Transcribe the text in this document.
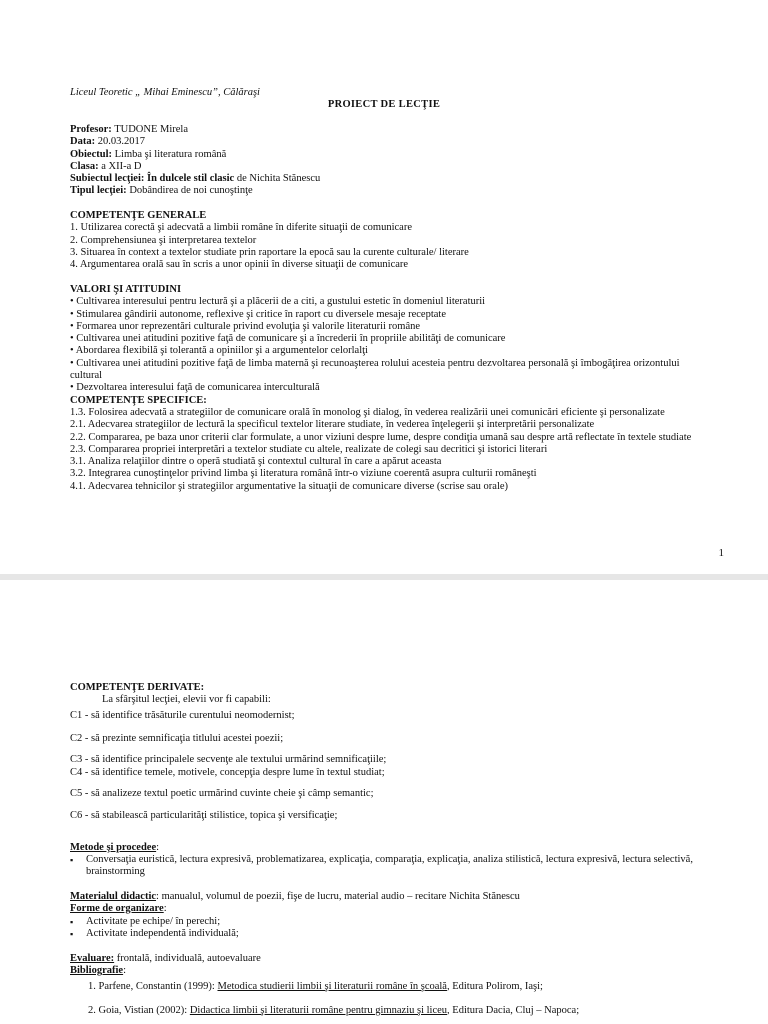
Liceul Teoretic „ Mihai Eminescu”, Călăraşi
PROIECT DE LECŢIE
Profesor: TUDONE Mirela
Data: 20.03.2017
Obiectul: Limba şi literatura română
Clasa: a XII-a D
Subiectul lecţiei: În dulcele stil clasic de Nichita Stănescu
Tipul lecţiei: Dobândirea de noi cunoştinţe
COMPETENŢE GENERALE
1. Utilizarea corectă şi adecvată a limbii române în diferite situaţii de comunicare
2. Comprehensiunea şi interpretarea textelor
3. Situarea în context a textelor studiate prin raportare la epocă sau la curente culturale/ literare
4. Argumentarea orală sau în scris a unor opinii în diverse situaţii de comunicare
VALORI ŞI ATITUDINI
• Cultivarea interesului pentru lectură şi a plăcerii de a citi, a gustului estetic în domeniul literaturii
• Stimularea gândirii autonome, reflexive şi critice în raport cu diversele mesaje receptate
• Formarea unor reprezentări culturale privind evoluţia şi valorile literaturii române
• Cultivarea unei atitudini pozitive faţă de comunicare şi a încrederii în propriile abilităţi de comunicare
• Abordarea flexibilă şi tolerantă a opiniilor şi a argumentelor celorlalţi
• Cultivarea unei atitudini pozitive faţă de limba maternă şi recunoaşterea rolului acesteia pentru dezvoltarea personală şi îmbogăţirea orizontului cultural
• Dezvoltarea interesului faţă de comunicarea interculturală
COMPETENŢE SPECIFICE:
1.3. Folosirea adecvată a strategiilor de comunicare orală în monolog şi dialog, în vederea realizării unei comunicări eficiente şi personalizate
2.1. Adecvarea strategiilor de lectură la specificul textelor literare studiate, în vederea înţelegerii şi interpretării personalizate
2.2. Compararea, pe baza unor criterii clar formulate, a unor viziuni despre lume, despre condiţia umană sau despre artă reflectate în textele studiate
2.3. Compararea propriei interpretări a textelor studiate cu altele, realizate de colegi sau decritici şi istorici literari
3.1. Analiza relaţiilor dintre o operă studiată şi contextul cultural în care a apărut aceasta
3.2. Integrarea cunoştinţelor privind limba şi literatura română într-o viziune coerentă asupra culturii româneşti
4.1. Adecvarea tehnicilor şi strategiilor argumentative la situaţii de comunicare diverse (scrise sau orale)
1
COMPETENŢE DERIVATE:
La sfârşitul lecţiei, elevii vor fi capabili:
C1 - să identifice trăsăturile curentului neomodernist;
C2 - să prezinte semnificaţia titlului acestei poezii;
C3 - să identifice principalele secvenţe ale textului urmărind semnificaţiile;
C4 - să identifice temele, motivele, concepţia despre lume în textul studiat;
C5 - să analizeze textul poetic urmărind cuvinte cheie şi câmp semantic;
C6 - să stabilească particularităţi stilistice, topica şi versificaţie;
Metode şi procedee:
▪ Conversaţia euristică, lectura expresivă, problematizarea, explicaţia, comparaţia, explicaţia, analiza stilistică, lectura expresivă, lectura selectivă, brainstorming
Materialul didactic: manualul, volumul de poezii, fişe de lucru, material audio – recitare Nichita Stănescu
Forme de organizare:
▪ Activitate pe echipe/ în perechi;
▪ Activitate independentă individuală;
Evaluare: frontală, individuală, autoevaluare
Bibliografie:
1. Parfene, Constantin (1999): Metodica studierii limbii şi literaturii române în şcoală, Editura Polirom, Iaşi;
2. Goia, Vistian (2002): Didactica limbii şi literaturii române pentru gimnaziu şi liceu, Editura Dacia, Cluj – Napoca;
